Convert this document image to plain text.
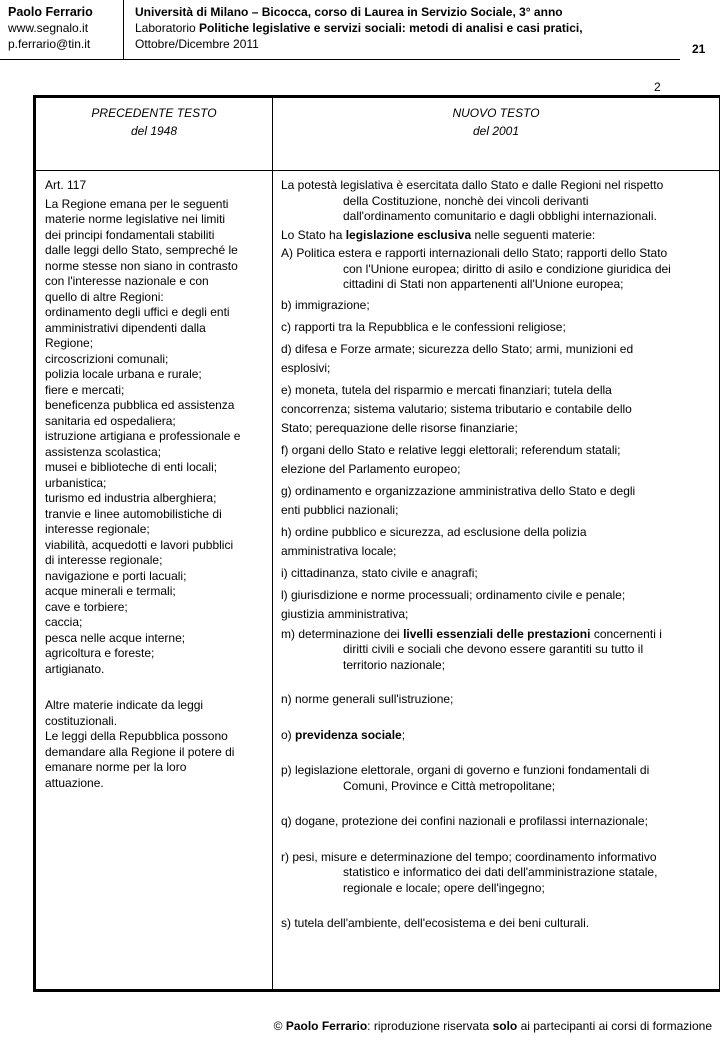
Paolo Ferrario
www.segnalo.it
p.ferrario@tin.it
Università di Milano – Bicocca, corso di Laurea in Servizio Sociale, 3° anno
Laboratorio Politiche legislative e servizi sociali: metodi di analisi e casi pratici,
Ottobre/Dicembre 2011	21
2
PRECEDENTE TESTO
del 1948
NUOVO TESTO
del 2001
Art. 117
La Regione emana per le seguenti
materie norme legislative nei limiti
dei principi fondamentali stabiliti
dalle leggi dello Stato, sempreché le
norme stesse non siano in contrasto
con l'interesse nazionale e con
quello di altre Regioni:
ordinamento degli uffici e degli enti
amministrativi dipendenti dalla
Regione;
circoscrizioni comunali;
polizia locale urbana e rurale;
fiere e mercati;
beneficenza pubblica ed assistenza
sanitaria ed ospedaliera;
istruzione artigiana e professionale e
assistenza scolastica;
musei e biblioteche di enti locali;
urbanistica;
turismo ed industria alberghiera;
tranvie e linee automobilistiche di
interesse regionale;
viabilità, acquedotti e lavori pubblici
di interesse regionale;
navigazione e porti lacuali;
acque minerali e termali;
cave e torbiere;
caccia;
pesca nelle acque interne;
agricoltura e foreste;
artigianato.
Altre materie indicate da leggi
costituzionali.
Le leggi della Repubblica possono
demandare alla Regione il potere di
emanare norme per la loro
attuazione.
La potestà legislativa è esercitata dallo Stato e dalle Regioni nel rispetto
della Costituzione, nonchè dei vincoli derivanti
dall'ordinamento comunitario e dagli obblighi internazionali.
Lo Stato ha legislazione esclusiva nelle seguenti materie:
A) Politica estera e rapporti internazionali dello Stato; rapporti dello Stato
con l'Unione europea; diritto di asilo e condizione giuridica dei
cittadini di Stati non appartenenti all'Unione europea;
b) immigrazione;
c) rapporti tra la Repubblica e le confessioni religiose;
d) difesa e Forze armate; sicurezza dello Stato; armi, munizioni ed
esplosivi;
e) moneta, tutela del risparmio e mercati finanziari; tutela della
concorrenza; sistema valutario; sistema tributario e contabile dello
Stato; perequazione delle risorse finanziarie;
f) organi dello Stato e relative leggi elettorali; referendum statali;
elezione del Parlamento europeo;
g) ordinamento e organizzazione amministrativa dello Stato e degli
enti pubblici nazionali;
h) ordine pubblico e sicurezza, ad esclusione della polizia
amministrativa locale;
i) cittadinanza, stato civile e anagrafi;
l) giurisdizione e norme processuali; ordinamento civile e penale;
giustizia amministrativa;
m) determinazione dei livelli essenziali delle prestazioni concernenti i
diritti civili e sociali che devono essere garantiti su tutto il
territorio nazionale;
n) norme generali sull'istruzione;
o) previdenza sociale;
p) legislazione elettorale, organi di governo e funzioni fondamentali di
Comuni, Province e Città metropolitane;
q) dogane, protezione dei confini nazionali e profilassi internazionale;
r) pesi, misure e determinazione del tempo; coordinamento informativo
statistico e informatico dei dati dell'amministrazione statale,
regionale e locale; opere dell'ingegno;
s) tutela dell'ambiente, dell'ecosistema e dei beni culturali.
© Paolo Ferrario: riproduzione riservata solo ai partecipanti ai corsi di formazione
